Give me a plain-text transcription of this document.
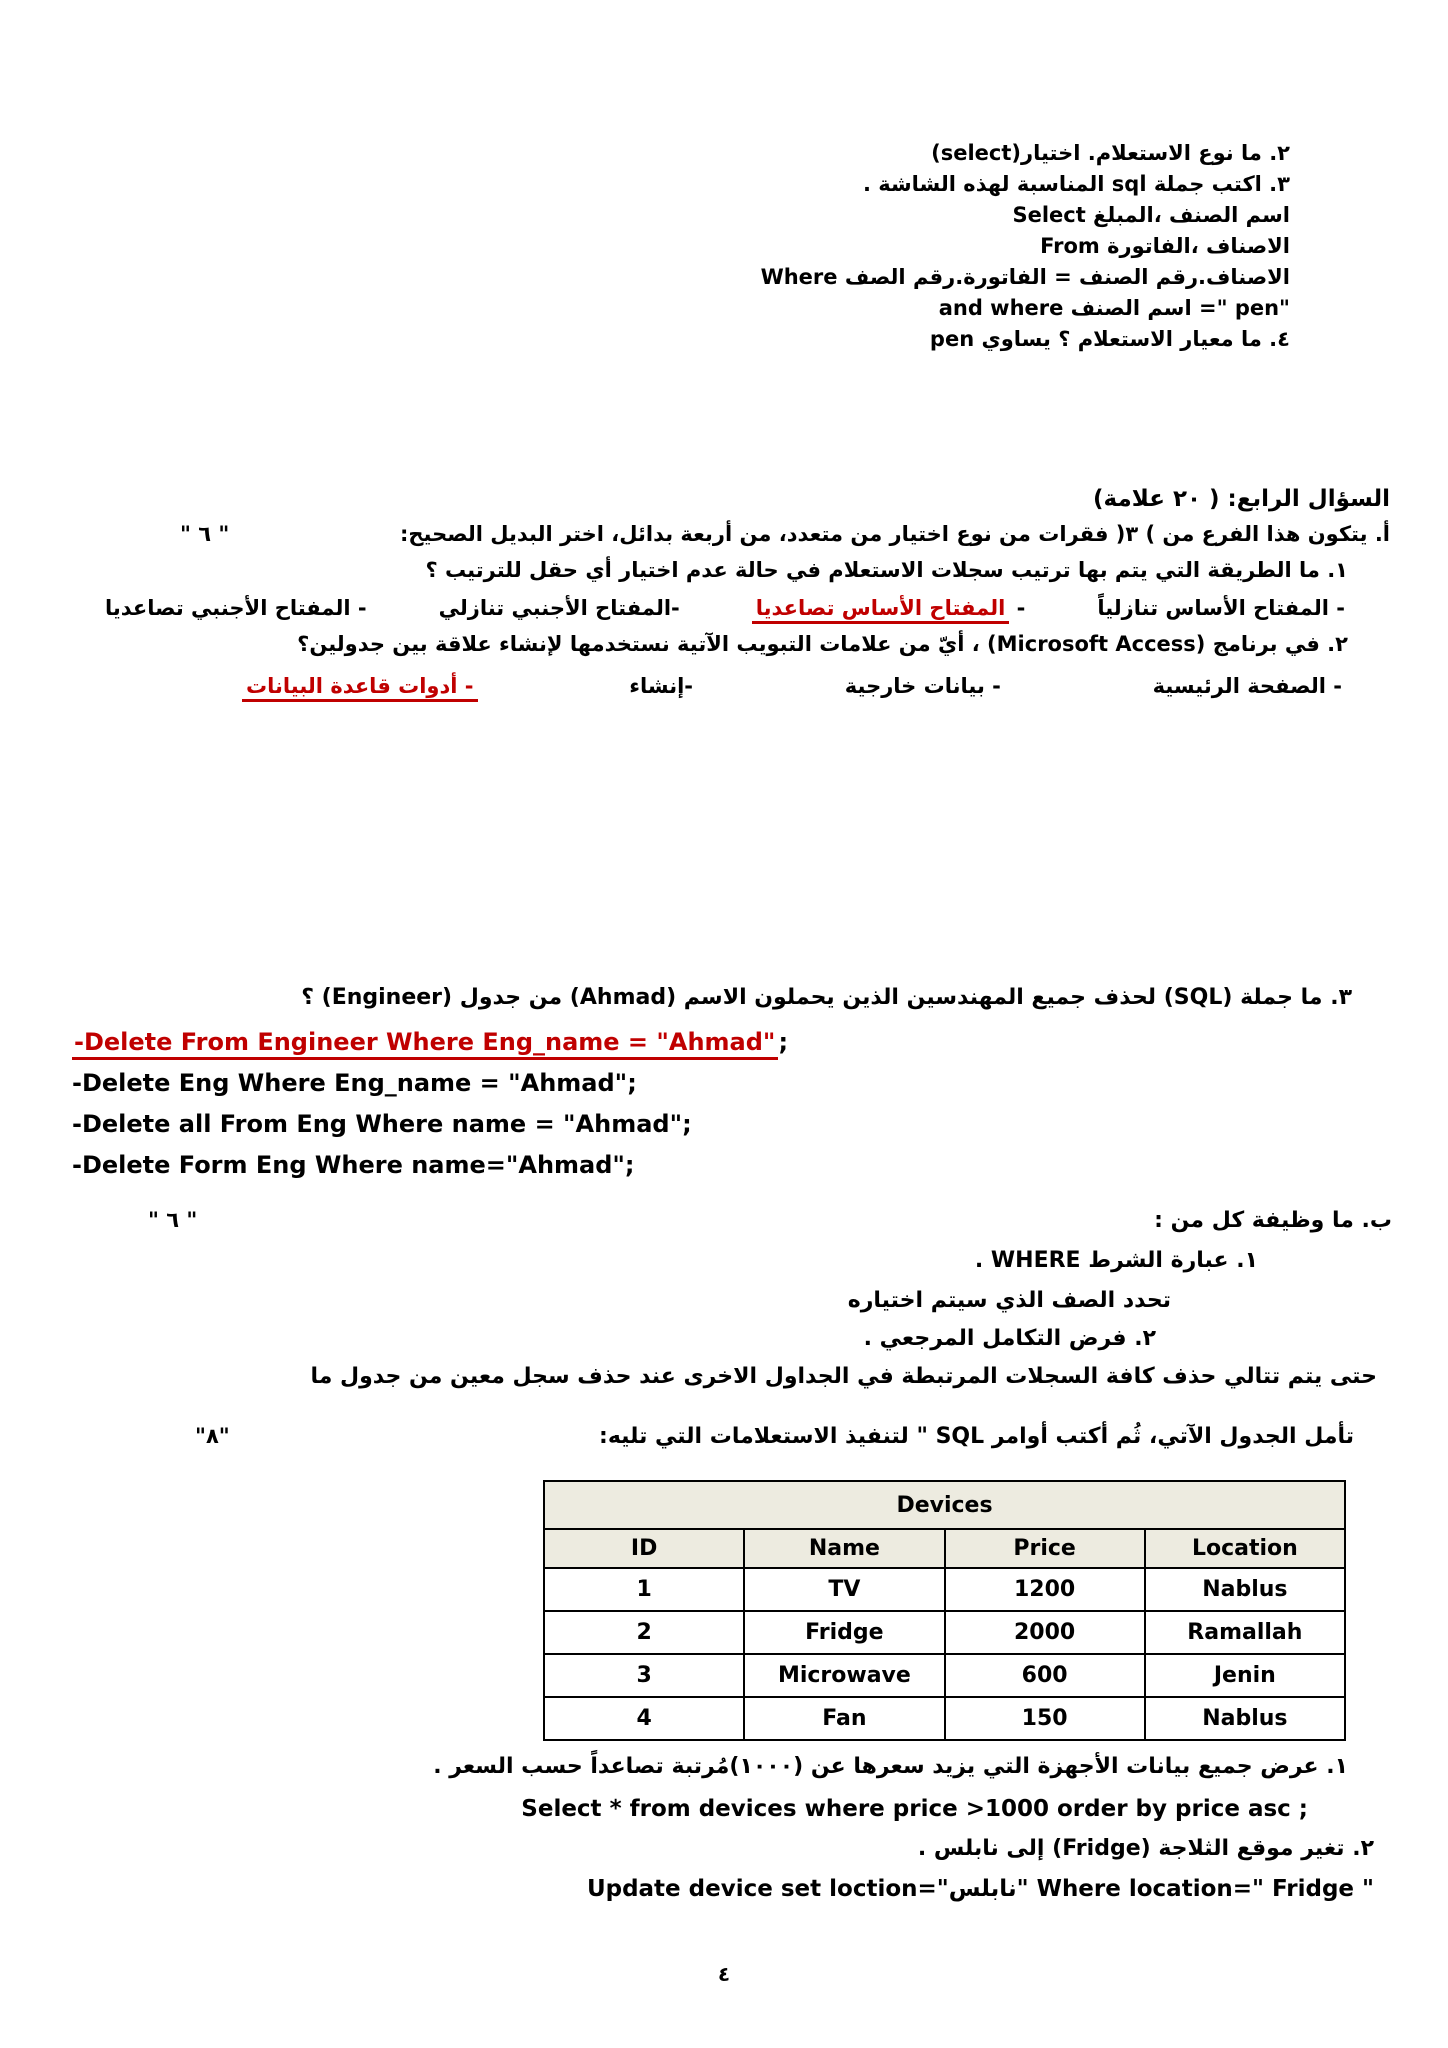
٢. ما نوع الاستعلام. اختيار(select)
٣. اكتب جملة sql المناسبة لهذه الشاشة .
اسم الصنف ،المبلغ Select
الاصناف ،الفاتورة From
الاصناف.رقم الصنف = الفاتورة.رقم الصف Where
and where اسم الصنف =" pen"
٤. ما معيار الاستعلام ؟ يساوي pen
السؤال الرابع: ( ٢٠ علامة)
أ. يتكون هذا الفرع من ) ٣( فقرات من نوع اختيار من متعدد، من أربعة بدائل، اختر البديل الصحيح:
" ٦ "
١. ما الطريقة التي يتم بها ترتيب سجلات الاستعلام في حالة عدم اختيار أي حقل للترتيب ؟
- المفتاح الأساس تنازلياً
- المفتاح الأساس تصاعديا
-المفتاح الأجنبي تنازلي
- المفتاح الأجنبي تصاعديا
٢. في برنامج (Microsoft Access) ، أيّ من علامات التبويب الآتية نستخدمها لإنشاء علاقة بين جدولين؟
- الصفحة الرئيسية
- بيانات خارجية
-إنشاء
- أدوات قاعدة البيانات
٣. ما جملة (SQL) لحذف جميع المهندسين الذين يحملون الاسم (Ahmad) من جدول (Engineer) ؟
-Delete From Engineer Where Eng_name = "Ahmad" ;
-Delete Eng Where Eng_name = "Ahmad";
-Delete all From Eng Where name = "Ahmad";
-Delete Form Eng Where name="Ahmad";
ب. ما وظيفة كل من :
" ٦ "
١. عبارة الشرط WHERE .
تحدد الصف الذي سيتم اختياره
٢. فرض التكامل المرجعي .
حتى يتم تتالي حذف كافة السجلات المرتبطة في الجداول الاخرى عند حذف سجل معين من جدول ما
تأمل الجدول الآتي، ثُم أكتب أوامر SQL " لتنفيذ الاستعلامات التي تليه:
"٨"
Devices			
ID	Name	Price	Location
1	TV	1200	Nablus
2	Fridge	2000	Ramallah
3	Microwave	600	Jenin
4	Fan	150	Nablus
١. عرض جميع بيانات الأجهزة التي يزيد سعرها عن (١٠٠٠)مُرتبة تصاعداً حسب السعر .
Select * from devices where price >1000 order by price asc ;
٢. تغير موقع الثلاجة (Fridge) إلى نابلس .
Update device set loction="نابلس" Where location=" Fridge "
٤
